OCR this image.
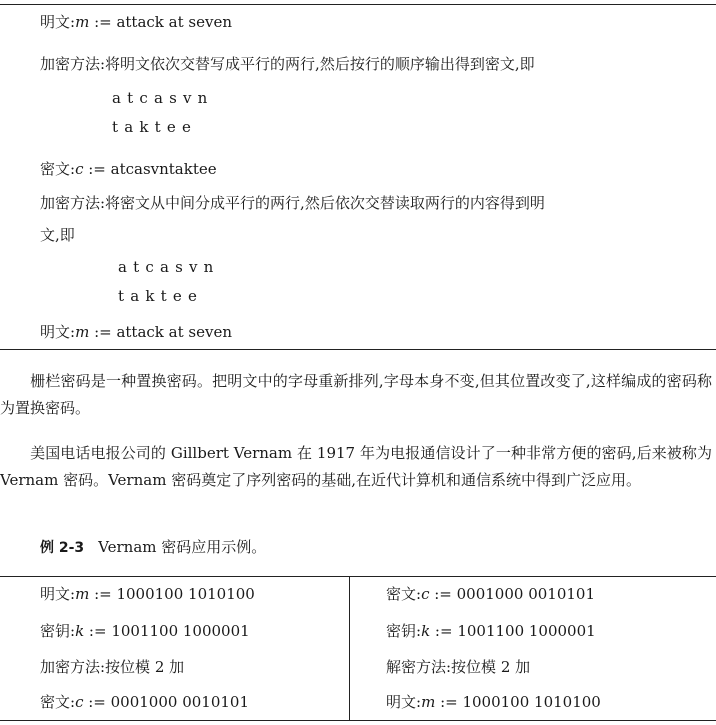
明文:m := attack at seven
加密方法:将明文依次交替写成平行的两行,然后按行的顺序输出得到密文,即
atcasvn
taktee
密文:c := atcasvntaktee
加密方法:将密文从中间分成平行的两行,然后依次交替读取两行的内容得到明
文,即
atcasvn
taktee
明文:m := attack at seven
栅栏密码是一种置换密码。把明文中的字母重新排列,字母本身不变,但其位置改变了,这样编成的密码称为置换密码。
美国电话电报公司的 Gillbert Vernam 在 1917 年为电报通信设计了一种非常方便的密码,后来被称为 Vernam 密码。Vernam 密码奠定了序列密码的基础,在近代计算机和通信系统中得到广泛应用。
例 2-3 Vernam 密码应用示例。
明文:m := 1000100 1010100
密钥:k := 1001100 1000001
加密方法:按位模 2 加
密文:c := 0001000 0010101
密文:c := 0001000 0010101
密钥:k := 1001100 1000001
解密方法:按位模 2 加
明文:m := 1000100 1010100
